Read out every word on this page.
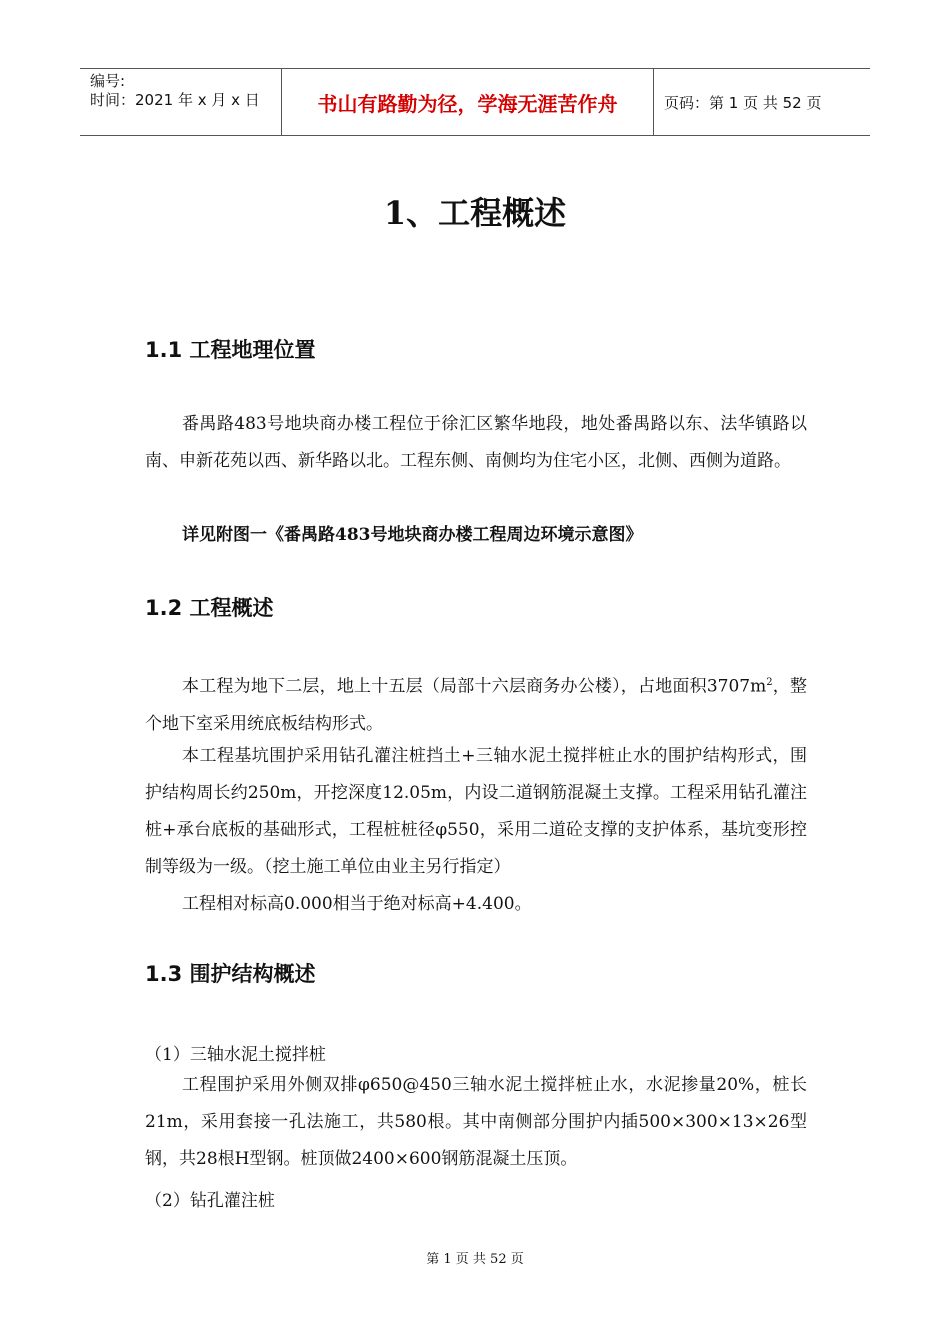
编号:
时间：2021 年 x 月 x 日	书山有路勤为径，学海无涯苦作舟	页码：第 1 页 共 52 页
1、工程概述
1.1 工程地理位置

番禺路483号地块商办楼工程位于徐汇区繁华地段，地处番禺路以东、法华镇路以南、申新花苑以西、新华路以北。工程东侧、南侧均为住宅小区，北侧、西侧为道路。

详见附图一《番禺路483号地块商办楼工程周边环境示意图》

1.2 工程概述

本工程为地下二层，地上十五层（局部十六层商务办公楼），占地面积$3707m^2$，整个地下室采用统底板结构形式。

本工程基坑围护采用钻孔灌注桩挡土+三轴水泥土搅拌桩止水的围护结构形式，围护结构周长约250m，开挖深度12.05m，内设二道钢筋混凝土支撑。工程采用钻孔灌注桩+承台底板的基础形式，工程桩桩径φ550，采用二道砼支撑的支护体系，基坑变形控制等级为一级。（挖土施工单位由业主另行指定）

工程相对标高0.000相当于绝对标高+4.400。

1.3 围护结构概述

（1）三轴水泥土搅拌桩

工程围护采用外侧双排φ650@450三轴水泥土搅拌桩止水，水泥掺量20%，桩长21m，采用套接一孔法施工，共580根。其中南侧部分围护内插500×300×13×26型钢，共28根H型钢。桩顶做2400×600钢筋混凝土压顶。

（2）钻孔灌注桩

第 1 页 共 52 页
